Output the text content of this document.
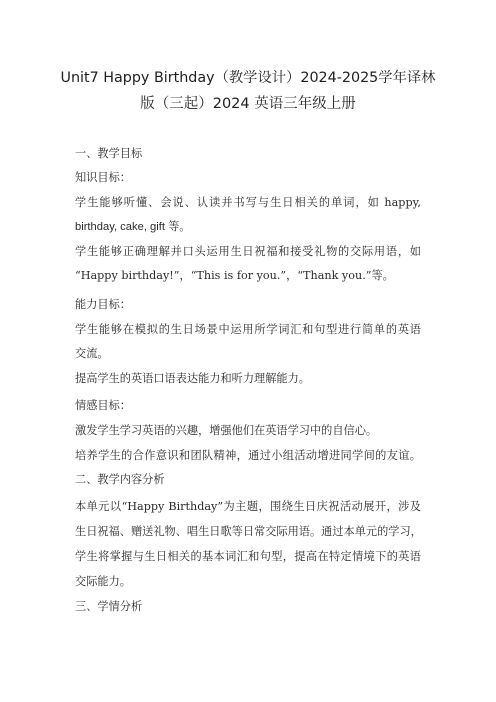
Unit7 Happy Birthday（教学设计）2024-2025学年译林
版（三起）2024 英语三年级上册
一、教学目标
知识目标：
学生能够听懂、会说、认读并书写与生日相关的单词，如 happy,
birthday, cake, gift 等。
学生能够正确理解并口头运用生日祝福和接受礼物的交际用语，如
“Happy birthday!”，“This is for you.”，“Thank you.”等。
能力目标：
学生能够在模拟的生日场景中运用所学词汇和句型进行简单的英语
交流。
提高学生的英语口语表达能力和听力理解能力。
情感目标：
激发学生学习英语的兴趣，增强他们在英语学习中的自信心。
培养学生的合作意识和团队精神，通过小组活动增进同学间的友谊。
二、教学内容分析
本单元以“Happy Birthday”为主题，围绕生日庆祝活动展开，涉及
生日祝福、赠送礼物、唱生日歌等日常交际用语。通过本单元的学习，
学生将掌握与生日相关的基本词汇和句型，提高在特定情境下的英语
交际能力。
三、学情分析
